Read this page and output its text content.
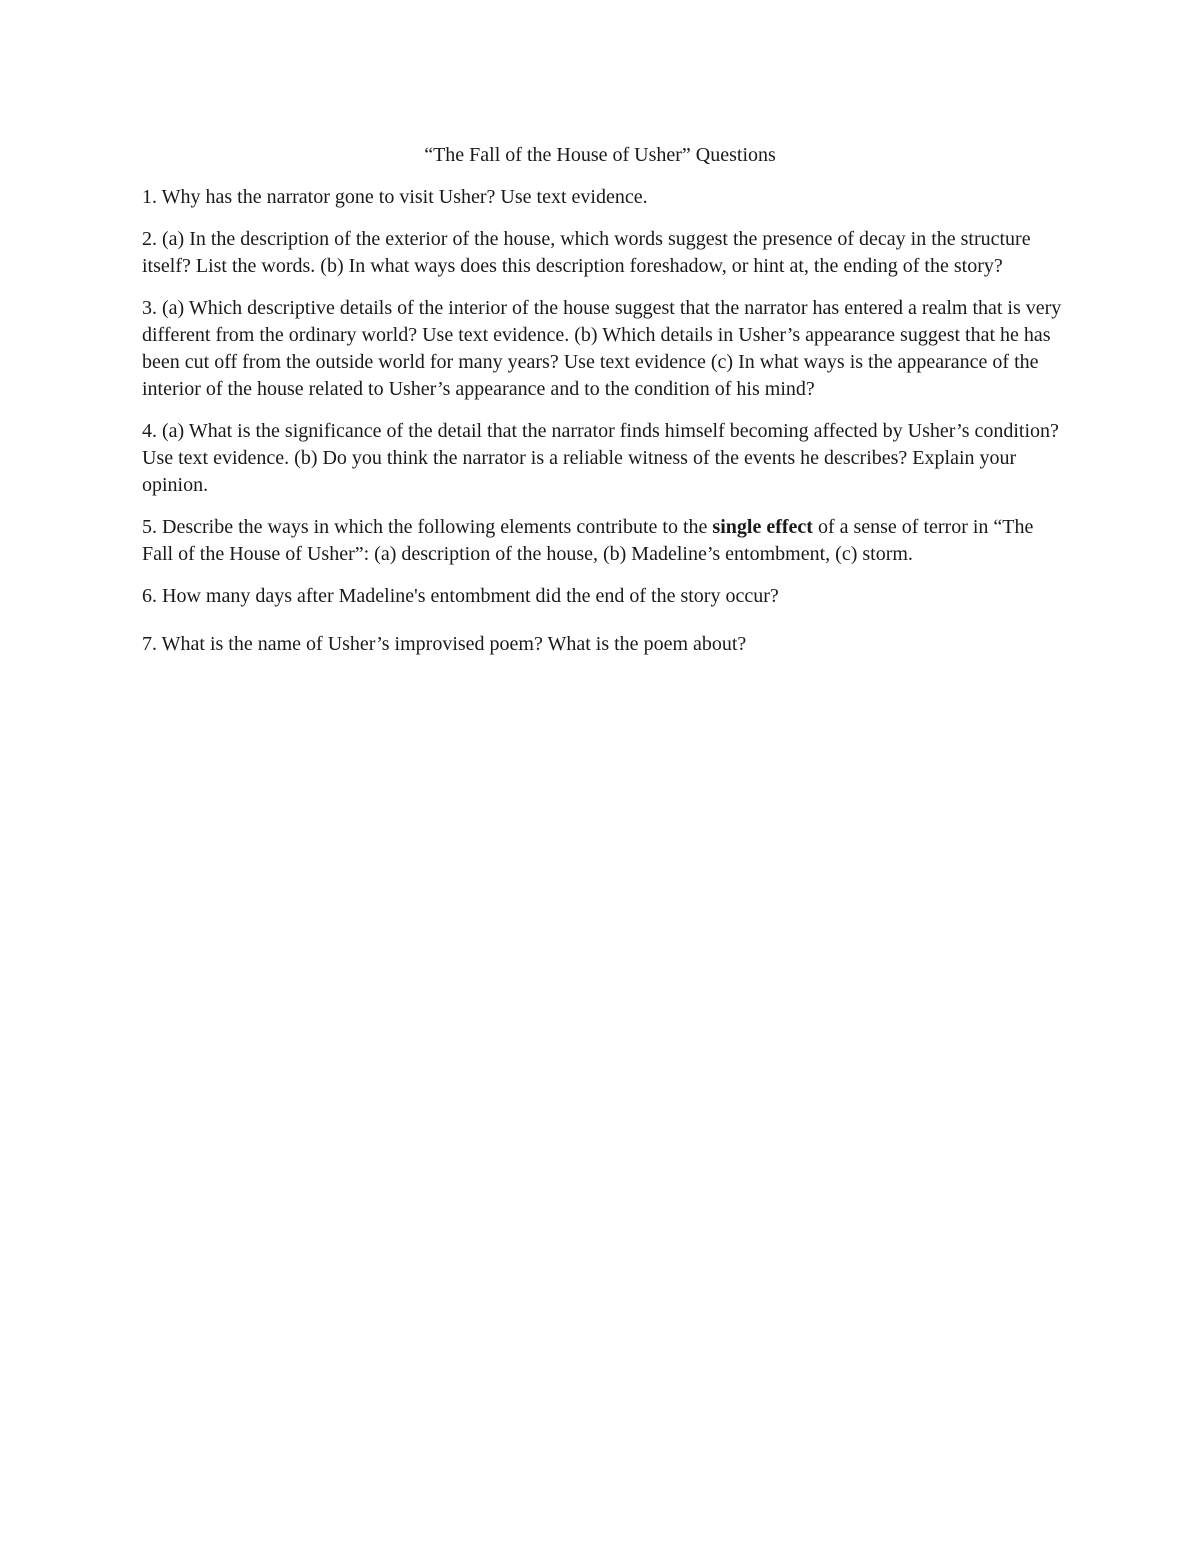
“The Fall of the House of Usher” Questions
1. Why has the narrator gone to visit Usher? Use text evidence.
2. (a) In the description of the exterior of the house, which words suggest the presence of decay in the structure itself? List the words. (b) In what ways does this description foreshadow, or hint at, the ending of the story?
3. (a) Which descriptive details of the interior of the house suggest that the narrator has entered a realm that is very different from the ordinary world? Use text evidence. (b) Which details in Usher’s appearance suggest that he has been cut off from the outside world for many years? Use text evidence (c) In what ways is the appearance of the interior of the house related to Usher’s appearance and to the condition of his mind?
4. (a) What is the significance of the detail that the narrator finds himself becoming affected by Usher’s condition? Use text evidence. (b) Do you think the narrator is a reliable witness of the events he describes? Explain your opinion.
5. Describe the ways in which the following elements contribute to the single effect of a sense of terror in “The Fall of the House of Usher”: (a) description of the house, (b) Madeline’s entombment, (c) storm.
6. How many days after Madeline's entombment did the end of the story occur?
7. What is the name of Usher’s improvised poem? What is the poem about?
